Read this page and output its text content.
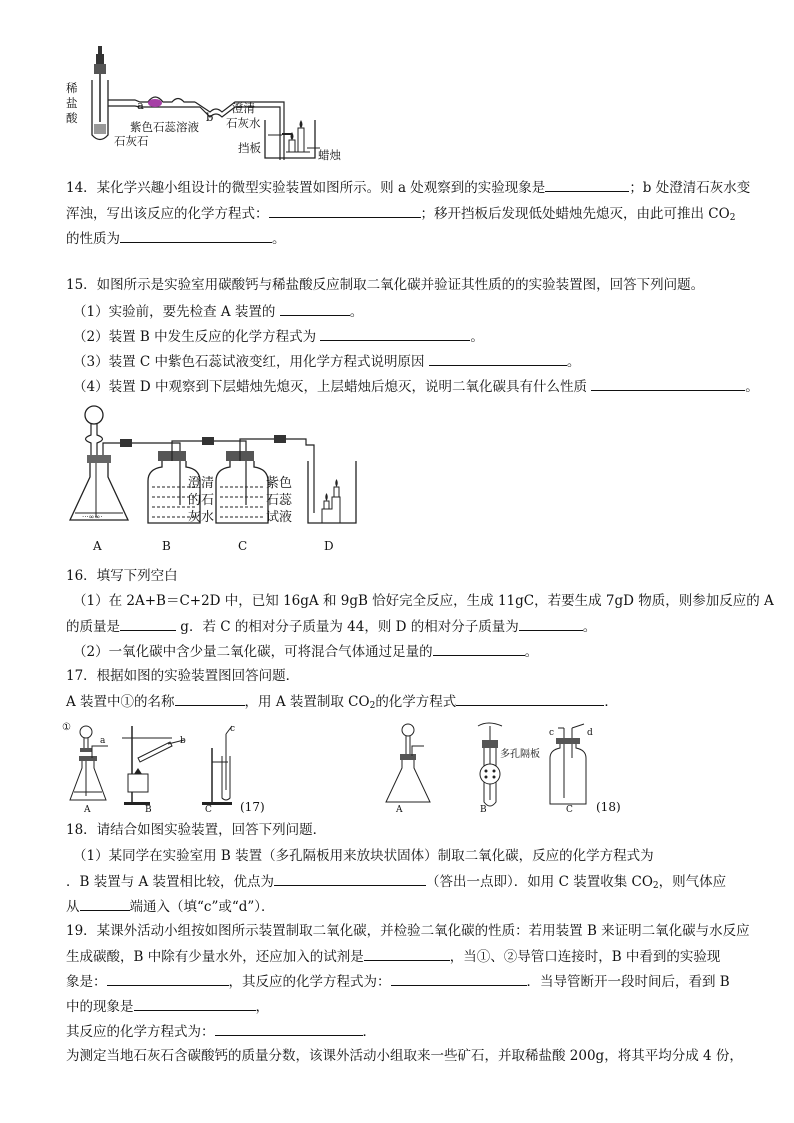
稀
盐
酸
石灰石
a
紫色石蕊溶液
b
澄清
石灰水
挡板	蜡烛
14．某化学兴趣小组设计的微型实验装置如图所示。则 a 处观察到的实验现象是	；b 处澄清石灰水变
浑浊，写出该反应的化学方程式：	；移开挡板后发现低处蜡烛先熄灭，由此可推出 $CO_2$
的性质为	。
15．如图所示是实验室用碳酸钙与稀盐酸反应制取二氧化碳并验证其性质的的实验装置图，回答下列问题。
（1）实验前，要先检查 A 装置的	。
（2）装置 B 中发生反应的化学方程式为	。
（3）装置 C 中紫色石蕊试液变红，用化学方程式说明原因	。
（4）装置 D 中观察到下层蜡烛先熄灭，上层蜡烛后熄灭，说明二氧化碳具有什么性质	。
···∞∞·
澄清
的石
灰水
紫色
石蕊
试液
A	B	C	D
16．填写下列空白
（1）在 2A+B＝C+2D 中，已知 16gA 和 9gB 恰好完全反应，生成 11gC，若要生成 7gD 物质，则参加反应的 A
的质量是	g．若 C 的相对分子质量为 44，则 D 的相对分子质量为	。
（2）一氧化碳中含少量二氧化碳，可将混合气体通过足量的	。
17．根据如图的实验装置图回答问题．
A 装置中①的名称	，用 A 装置制取 $CO_2$的化学方程式	．
①
a	b
c
A	B	C (17)	A
多孔隔板
B
c	d
C (18)
18．请结合如图实验装置，回答下列问题．
（1）某同学在实验室用 B 装置（多孔隔板用来放块状固体）制取二氧化碳，反应的化学方程式为
．B 装置与 A 装置相比较，优点为	（答出一点即）．如用 C 装置收集 $CO_2$，则气体应
从	端通入（填“c”或“d”）．
19．某课外活动小组按如图所示装置制取二氧化碳，并检验二氧化碳的性质：若用装置 B 来证明二氧化碳与水反应
生成碳酸，B 中除有少量水外，还应加入的试剂是	，当①、②导管口连接时，B 中看到的实验现
象是：	，其反应的化学方程式为：	．当导管断开一段时间后，看到 B
中的现象是	，
其反应的化学方程式为：	．
为测定当地石灰石含碳酸钙的质量分数，该课外活动小组取来一些矿石，并取稀盐酸 200g，将其平均分成 4 份，
